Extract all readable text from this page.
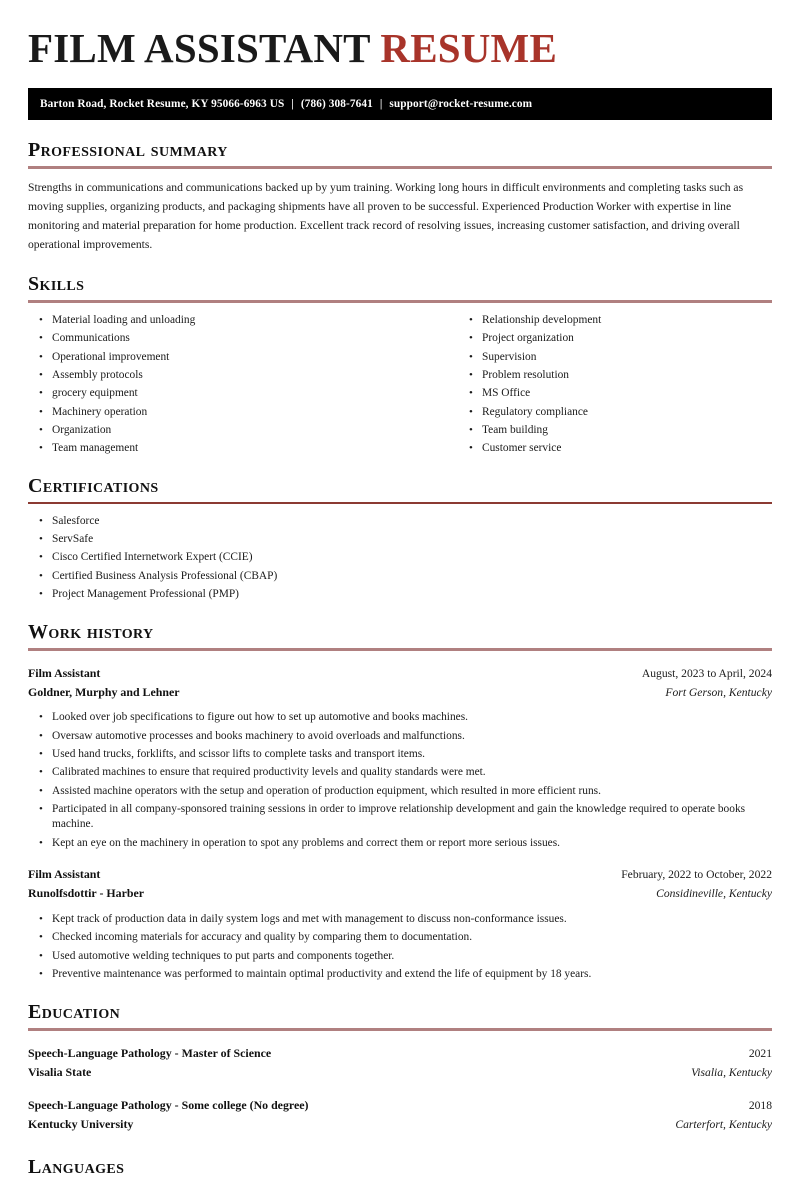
FILM ASSISTANT RESUME
Barton Road, Rocket Resume, KY 95066-6963 US | (786) 308-7641 | support@rocket-resume.com
Professional summary

Strengths in communications and communications backed up by yum training. Working long hours in difficult environments and completing tasks such as moving supplies, organizing products, and packaging shipments have all proven to be successful. Experienced Production Worker with expertise in line monitoring and material preparation for home production. Excellent track record of resolving issues, increasing customer satisfaction, and driving overall operational improvements.

Skills
• Material loading and unloading
• Communications
• Operational improvement
• Assembly protocols
• grocery equipment
• Machinery operation
• Organization
• Team management
• Relationship development
• Project organization
• Supervision
• Problem resolution
• MS Office
• Regulatory compliance
• Team building
• Customer service
Certifications
• Salesforce
• ServSafe
• Cisco Certified Internetwork Expert (CCIE)
• Certified Business Analysis Professional (CBAP)
• Project Management Professional (PMP)
Work history
Film Assistant	August, 2023 to April, 2024
Goldner, Murphy and Lehner	Fort Gerson, Kentucky
• Looked over job specifications to figure out how to set up automotive and books machines.
• Oversaw automotive processes and books machinery to avoid overloads and malfunctions.
• Used hand trucks, forklifts, and scissor lifts to complete tasks and transport items.
• Calibrated machines to ensure that required productivity levels and quality standards were met.
• Assisted machine operators with the setup and operation of production equipment, which resulted in more efficient runs.
• Participated in all company-sponsored training sessions in order to improve relationship development and gain the knowledge required to operate books machine.
• Kept an eye on the machinery in operation to spot any problems and correct them or report more serious issues.
Film Assistant	February, 2022 to October, 2022
Runolfsdottir - Harber	Considineville, Kentucky
• Kept track of production data in daily system logs and met with management to discuss non-conformance issues.
• Checked incoming materials for accuracy and quality by comparing them to documentation.
• Used automotive welding techniques to put parts and components together.
• Preventive maintenance was performed to maintain optimal productivity and extend the life of equipment by 18 years.
Education
Speech-Language Pathology - Master of Science	2021
Visalia State	Visalia, Kentucky
Speech-Language Pathology - Some college (No degree)	2018
Kentucky University	Carterfort, Kentucky
Languages
